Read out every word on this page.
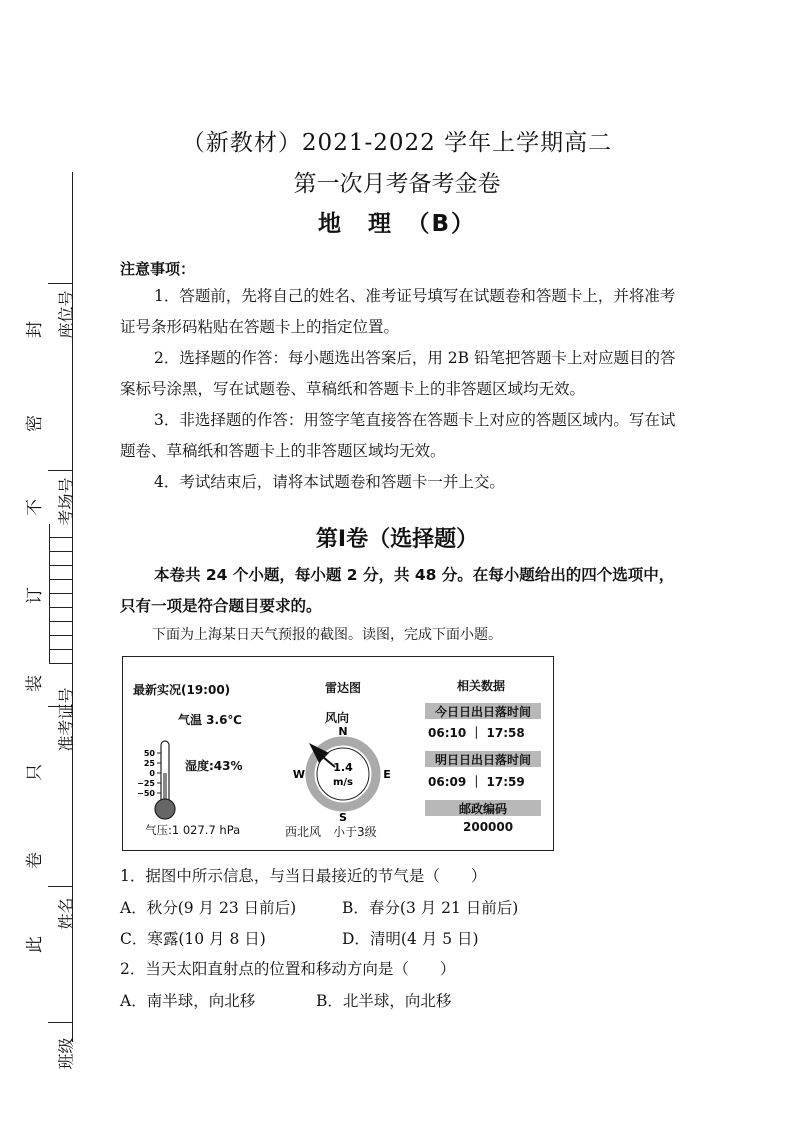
座位号
考场号
准考证号
姓名
班级
封
密
不
订
装
只
卷
此
（新教材）2021-2022 学年上学期高二
第一次月考备考金卷
地　理　（B）
注意事项：
1．答题前，先将自己的姓名、准考证号填写在试题卷和答题卡上，并将准考证号条形码粘贴在答题卡上的指定位置。
2．选择题的作答：每小题选出答案后，用 2B 铅笔把答题卡上对应题目的答案标号涂黑，写在试题卷、草稿纸和答题卡上的非答题区域均无效。
3．非选择题的作答：用签字笔直接答在答题卡上对应的答题区域内。写在试题卷、草稿纸和答题卡上的非答题区域均无效。
4．考试结束后，请将本试题卷和答题卡一并上交。
第Ⅰ卷（选择题）
本卷共 24 个小题，每小题 2 分，共 48 分。在每小题给出的四个选项中，只有一项是符合题目要求的。
下面为上海某日天气预报的截图。读图，完成下面小题。
最新实况(19:00)
气温 3.6℃
湿度:43%
气压:1 027.7 hPa
50
25
0
−25
−50
雷达图
风向
N
S
E
W
1.4
m/s
西北风　小于3级
相关数据
今日日出日落时间
06:10 ｜ 17:58
明日日出日落时间
06:09 ｜ 17:59
邮政编码
200000
1．据图中所示信息，与当日最接近的节气是（　　）
A．秋分(9 月 23 日前后)	B．春分(3 月 21 日前后)
C．寒露(10 月 8 日)	D．清明(4 月 5 日)
2．当天太阳直射点的位置和移动方向是（　　）
A．南半球，向北移	B．北半球，向北移
